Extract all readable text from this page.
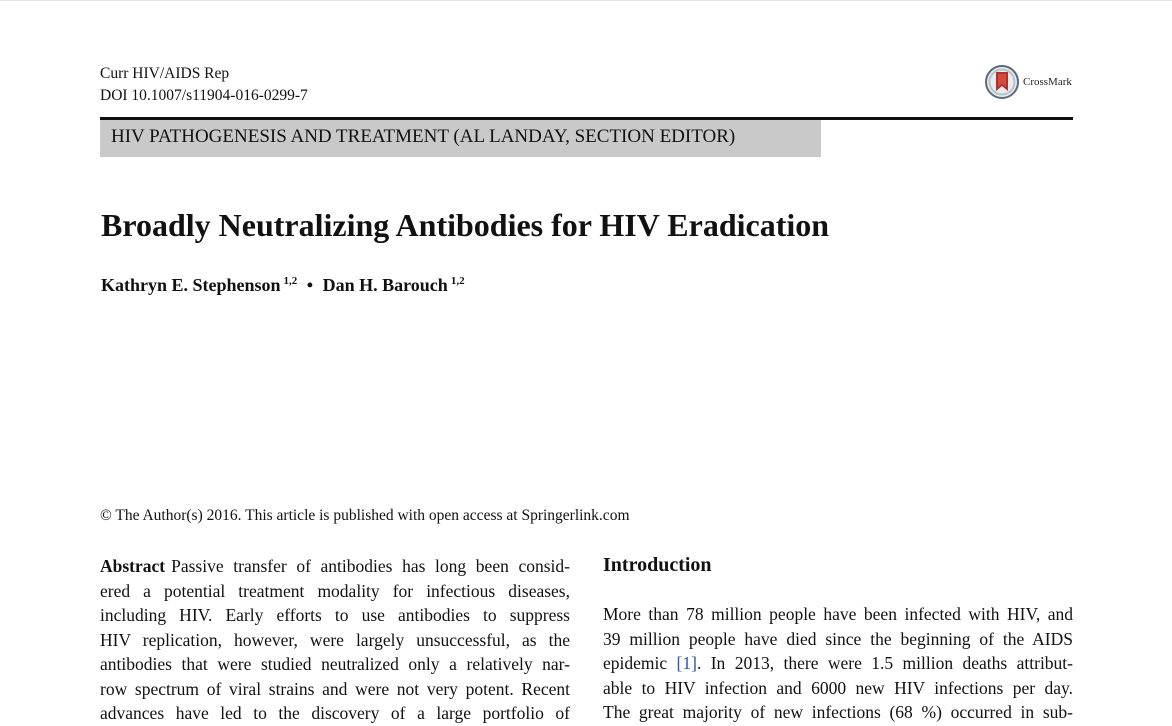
Curr HIV/AIDS Rep
DOI 10.1007/s11904-016-0299-7
CrossMark
HIV PATHOGENESIS AND TREATMENT (AL LANDAY, SECTION EDITOR)
Broadly Neutralizing Antibodies for HIV Eradication
Kathryn E. Stephenson $^{1,2}$ • Dan H. Barouch $^{1,2}$
© The Author(s) 2016. This article is published with open access at Springerlink.com
Abstract Passive transfer of antibodies has long been consid-
ered a potential treatment modality for infectious diseases,
including HIV. Early efforts to use antibodies to suppress
HIV replication, however, were largely unsuccessful, as the
antibodies that were studied neutralized only a relatively nar-
row spectrum of viral strains and were not very potent. Recent
advances have led to the discovery of a large portfolio of
Introduction
More than 78 million people have been infected with HIV, and
39 million people have died since the beginning of the AIDS
epidemic [1]. In 2013, there were 1.5 million deaths attribut-
able to HIV infection and 6000 new HIV infections per day.
The great majority of new infections (68 %) occurred in sub-
